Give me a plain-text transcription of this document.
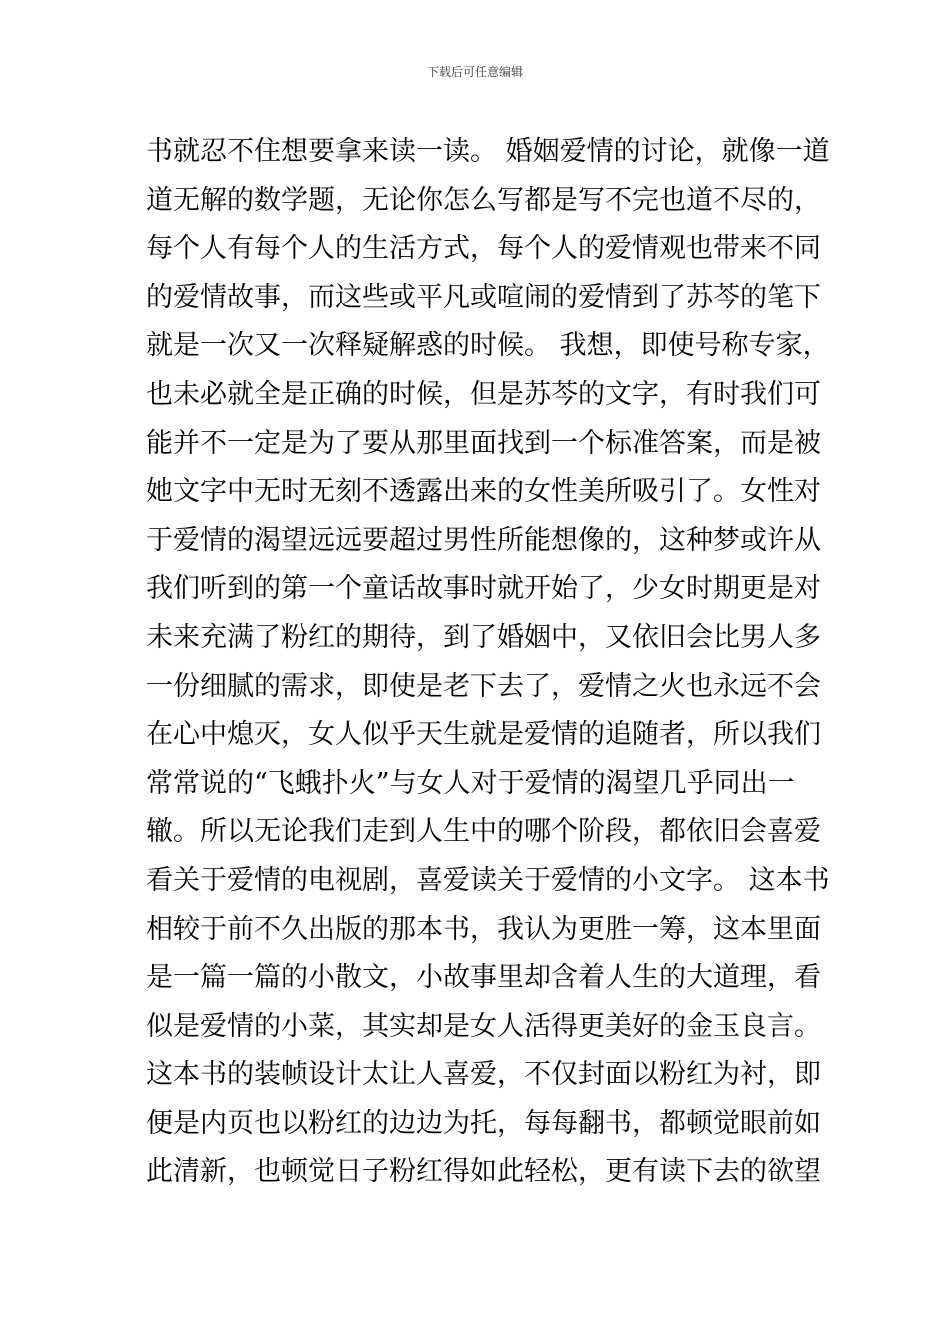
下载后可任意编辑
书就忍不住想要拿来读一读。 婚姻爱情的讨论，就像一道
道无解的数学题，无论你怎么写都是写不完也道不尽的，
每个人有每个人的生活方式，每个人的爱情观也带来不同
的爱情故事，而这些或平凡或喧闹的爱情到了苏芩的笔下
就是一次又一次释疑解惑的时候。 我想，即使号称专家，
也未必就全是正确的时候，但是苏芩的文字，有时我们可
能并不一定是为了要从那里面找到一个标准答案，而是被
她文字中无时无刻不透露出来的女性美所吸引了。女性对
于爱情的渴望远远要超过男性所能想像的，这种梦或许从
我们听到的第一个童话故事时就开始了，少女时期更是对
未来充满了粉红的期待，到了婚姻中，又依旧会比男人多
一份细腻的需求，即使是老下去了，爱情之火也永远不会
在心中熄灭，女人似乎天生就是爱情的追随者，所以我们
常常说的“飞蛾扑火”与女人对于爱情的渴望几乎同出一
辙。所以无论我们走到人生中的哪个阶段，都依旧会喜爱
看关于爱情的电视剧，喜爱读关于爱情的小文字。 这本书
相较于前不久出版的那本书，我认为更胜一筹，这本里面
是一篇一篇的小散文，小故事里却含着人生的大道理，看
似是爱情的小菜，其实却是女人活得更美好的金玉良言。
这本书的装帧设计太让人喜爱，不仅封面以粉红为衬，即
便是内页也以粉红的边边为托，每每翻书，都顿觉眼前如
此清新，也顿觉日子粉红得如此轻松，更有读下去的欲望
